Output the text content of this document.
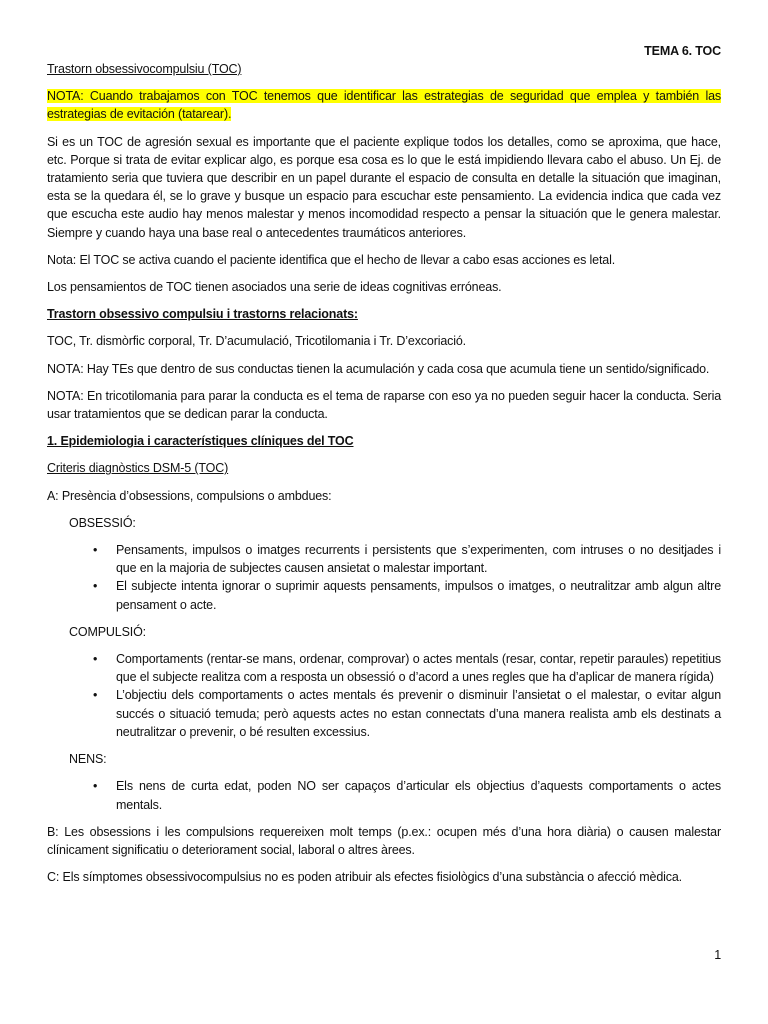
TEMA 6. TOC

Trastorn obsessivocompulsiu (TOC)

NOTA: Cuando trabajamos con TOC tenemos que identificar las estrategias de seguridad que emplea y también las estrategias de evitación (tatarear).

Si es un TOC de agresión sexual es importante que el paciente explique todos los detalles, como se aproxima, que hace, etc. Porque si trata de evitar explicar algo, es porque esa cosa es lo que le está impidiendo llevara cabo el abuso. Un Ej. de tratamiento seria que tuviera que describir en un papel durante el espacio de consulta en detalle la situación que imaginan, esta se la quedara él, se lo grave y busque un espacio para escuchar este pensamiento. La evidencia indica que cada vez que escucha este audio hay menos malestar y menos incomodidad respecto a pensar la situación que le genera malestar. Siempre y cuando haya una base real o antecedentes traumáticos anteriores.

Nota: El TOC se activa cuando el paciente identifica que el hecho de llevar a cabo esas acciones es letal.

Los pensamientos de TOC tienen asociados una serie de ideas cognitivas erróneas.

Trastorn obsessivo compulsiu i trastorns relacionats:

TOC, Tr. dismòrfic corporal, Tr. D’acumulació, Tricotilomania i Tr. D’excoriació.

NOTA: Hay TEs que dentro de sus conductas tienen la acumulación y cada cosa que acumula tiene un sentido/significado.

NOTA: En tricotilomania para parar la conducta es el tema de raparse con eso ya no pueden seguir hacer la conducta. Seria usar tratamientos que se dedican parar la conducta.

1. Epidemiologia i característiques clíniques del TOC

Criteris diagnòstics DSM-5 (TOC)

A: Presència d’obsessions, compulsions o ambdues:

OBSESSIÓ:

• Pensaments, impulsos o imatges recurrents i persistents que s’experimenten, com intruses o no desitjades i que en la majoria de subjectes causen ansietat o malestar important.
• El subjecte intenta ignorar o suprimir aquests pensaments, impulsos o imatges, o neutralitzar amb algun altre pensament o acte.

COMPULSIÓ:

• Comportaments (rentar-se mans, ordenar, comprovar) o actes mentals (resar, contar, repetir paraules) repetitius que el subjecte realitza com a resposta un obsessió o d’acord a unes regles que ha d’aplicar de manera rígida)
• L’objectiu dels comportaments o actes mentals és prevenir o disminuir l’ansietat o el malestar, o evitar algun succés o situació temuda; però aquests actes no estan connectats d’una manera realista amb els destinats a neutralitzar o prevenir, o bé resulten excessius.

NENS:

• Els nens de curta edat, poden NO ser capaços d’articular els objectius d’aquests comportaments o actes mentals.

B: Les obsessions i les compulsions requereixen molt temps (p.ex.: ocupen més d’una hora diària) o causen malestar clínicament significatiu o deteriorament social, laboral o altres àrees.

C: Els símptomes obsessivocompulsius no es poden atribuir als efectes fisiològics d’una substància o afecció mèdica.

1
